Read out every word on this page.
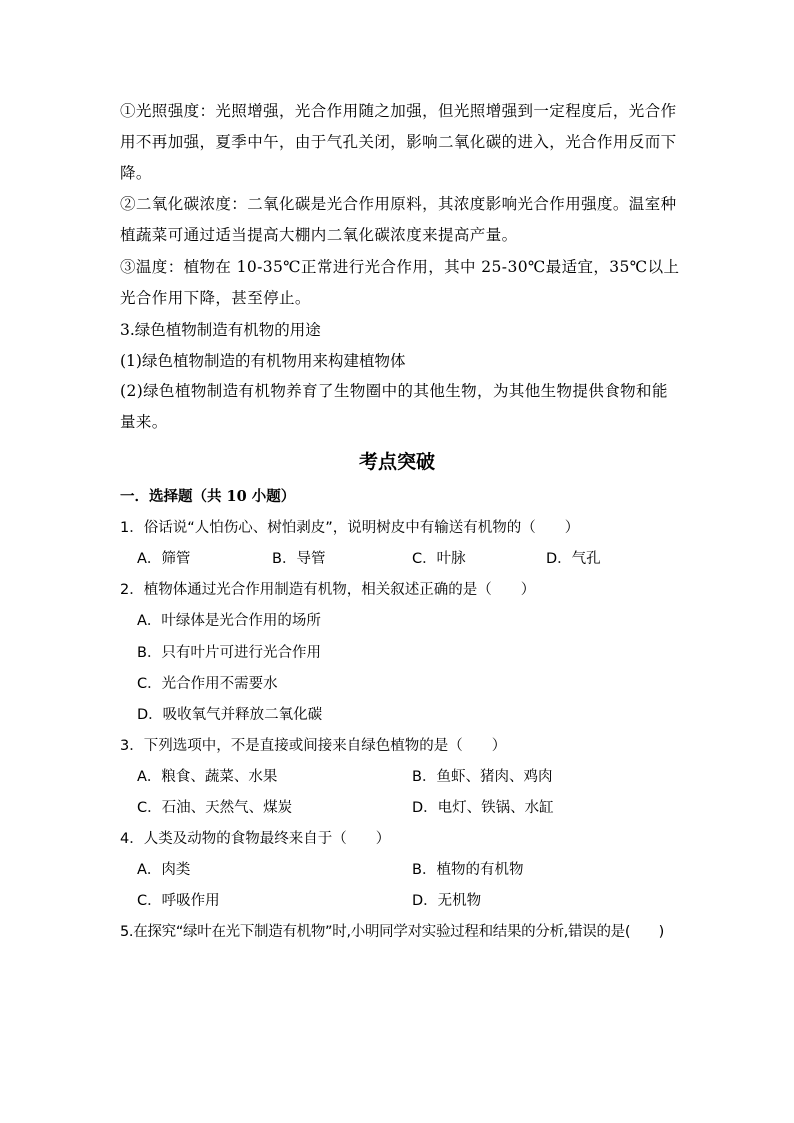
①光照强度：光照增强，光合作用随之加强，但光照增强到一定程度后，光合作用不再加强，夏季中午，由于气孔关闭，影响二氧化碳的进入，光合作用反而下降。

②二氧化碳浓度：二氧化碳是光合作用原料，其浓度影响光合作用强度。温室种植蔬菜可通过适当提高大棚内二氧化碳浓度来提高产量。

③温度：植物在 10-35℃正常进行光合作用，其中 25-30℃最适宜，35℃以上光合作用下降，甚至停止。

3.绿色植物制造有机物的用途
(1)绿色植物制造的有机物用来构建植物体

(2)绿色植物制造有机物养育了生物圈中的其他生物，为其他生物提供食物和能量来。

考点突破
一．选择题（共 10 小题）
1．俗话说“人怕伤心、树怕剥皮”，说明树皮中有输送有机物的（　　）
A．筛管	B．导管	C．叶脉	D．气孔
2．植物体通过光合作用制造有机物，相关叙述正确的是（　　）
A．叶绿体是光合作用的场所
B．只有叶片可进行光合作用
C．光合作用不需要水
D．吸收氧气并释放二氧化碳
3．下列选项中，不是直接或间接来自绿色植物的是（　　）
A．粮食、蔬菜、水果	B．鱼虾、猪肉、鸡肉
C．石油、天然气、煤炭	D．电灯、铁锅、水缸
4．人类及动物的食物最终来自于（　　）
A．肉类	B．植物的有机物
C．呼吸作用	D．无机物
5.在探究“绿叶在光下制造有机物”时,小明同学对实验过程和结果的分析,错误的是(　　)
